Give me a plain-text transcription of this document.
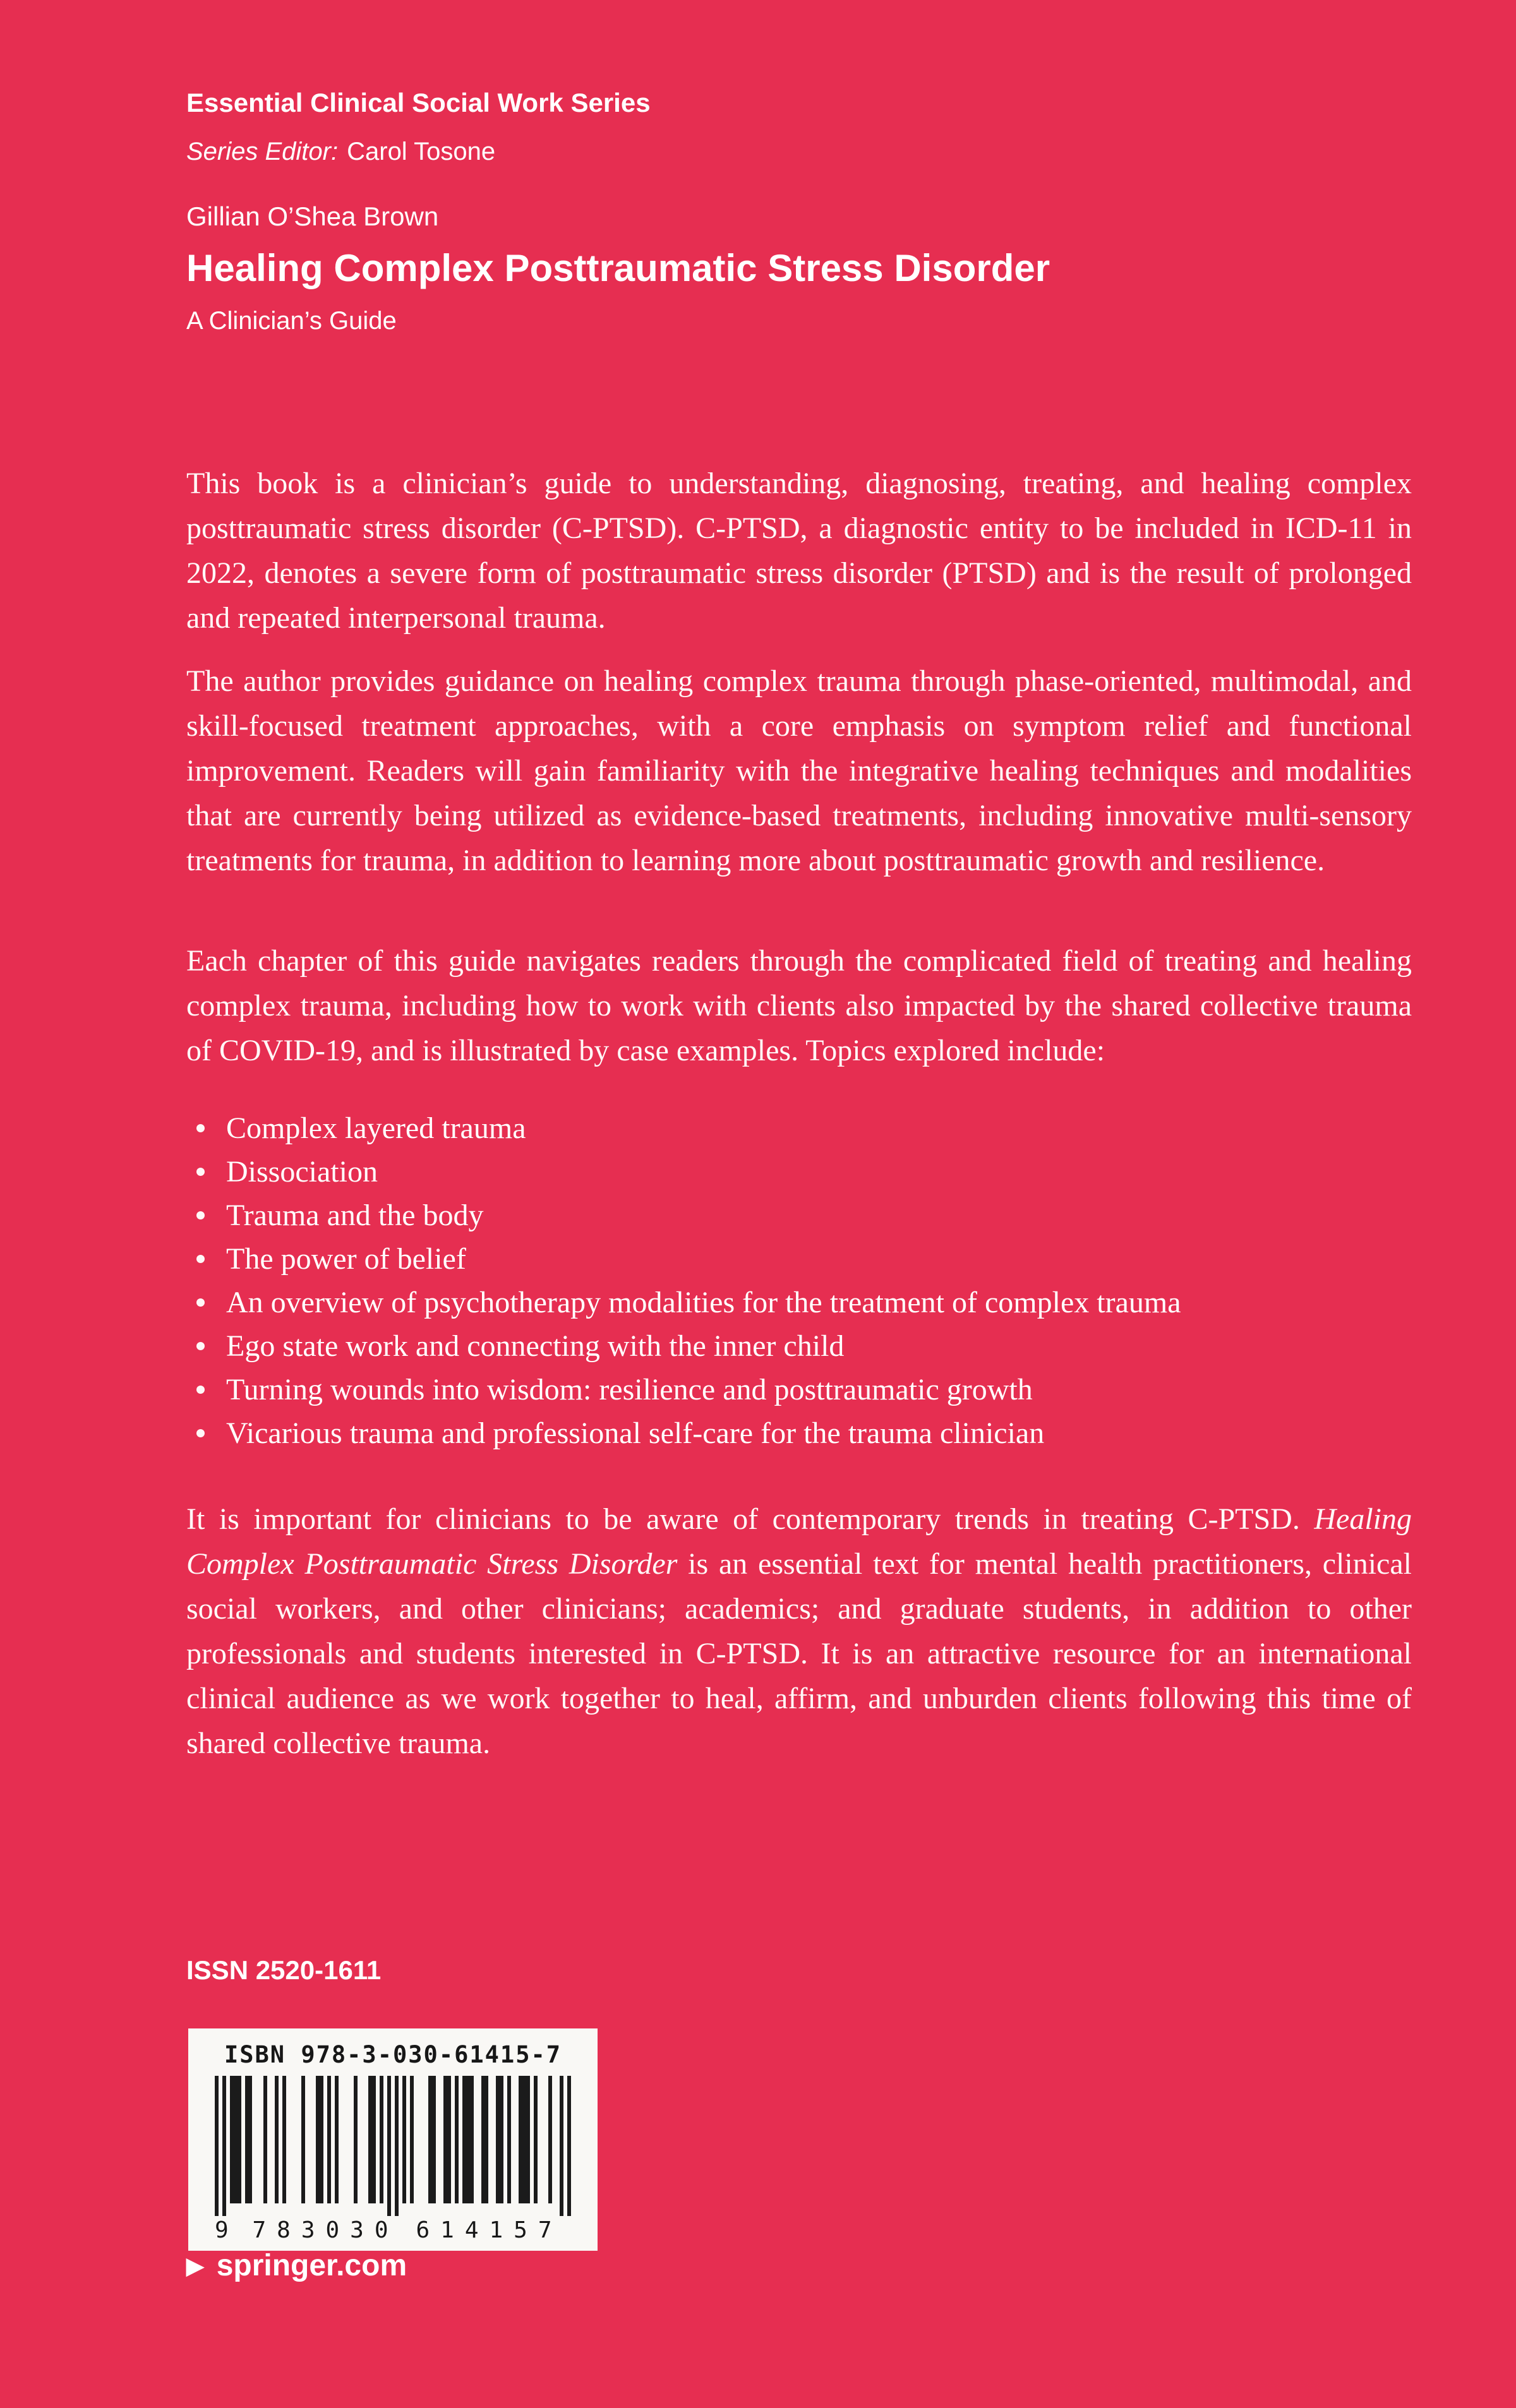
Essential Clinical Social Work Series
Series Editor: Carol Tosone
Gillian O’Shea Brown
Healing Complex Posttraumatic Stress Disorder
A Clinician’s Guide

This book is a clinician’s guide to understanding, diagnosing, treating, and healing complex posttraumatic stress disorder (C-PTSD). C-PTSD, a diagnostic entity to be included in ICD-11 in 2022, denotes a severe form of posttraumatic stress disorder (PTSD) and is the result of prolonged and repeated interpersonal trauma.

The author provides guidance on healing complex trauma through phase-oriented, multimodal, and skill-focused treatment approaches, with a core emphasis on symptom relief and functional improvement. Readers will gain familiarity with the integrative healing techniques and modalities that are currently being utilized as evidence-based treatments, including innovative multi-sensory treatments for trauma, in addition to learning more about posttraumatic growth and resilience.

Each chapter of this guide navigates readers through the complicated field of treating and healing complex trauma, including how to work with clients also impacted by the shared collective trauma of COVID-19, and is illustrated by case examples. Topics explored include:

Complex layered trauma
Dissociation
Trauma and the body
The power of belief
An overview of psychotherapy modalities for the treatment of complex trauma
Ego state work and connecting with the inner child
Turning wounds into wisdom: resilience and posttraumatic growth
Vicarious trauma and professional self-care for the trauma clinician

It is important for clinicians to be aware of contemporary trends in treating C-PTSD. Healing Complex Posttraumatic Stress Disorder is an essential text for mental health practitioners, clinical social workers, and other clinicians; academics; and graduate students, in addition to other professionals and students interested in C-PTSD. It is an attractive resource for an international clinical audience as we work together to heal, affirm, and unburden clients following this time of shared collective trauma.

ISSN 2520-1611
ISBN 978-3-030-61415-7
9	783030 614157
▶ springer.com
